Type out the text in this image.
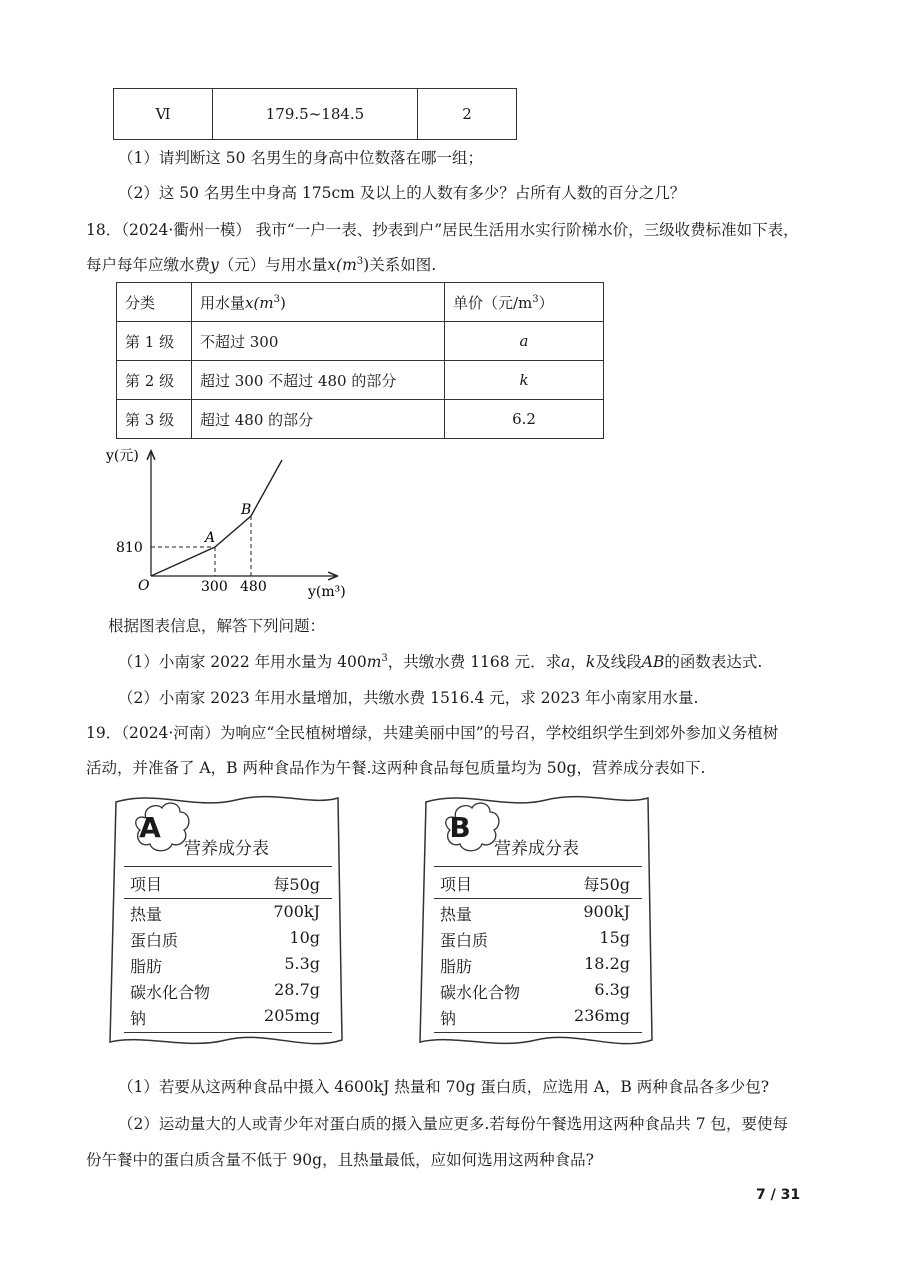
Ⅵ	179.5~184.5	2
（1）请判断这 50 名男生的身高中位数落在哪一组；
（2）这 50 名男生中身高 175cm 及以上的人数有多少？占所有人数的百分之几？
18．（2024·衢州一模） 我市“一户一表、抄表到户”居民生活用水实行阶梯水价，三级收费标准如下表，
每户每年应缴水费y（元）与用水量$x(m^3)$关系如图.
分类	用水量$x(m^3)$	单价（元$/m^3$）
第 1 级	不超过 300	a
第 2 级	超过 300 不超过 480 的部分	k
第 3 级	超过 480 的部分	6.2
y(元)
y(m³)
O
810
300 480
A
B
根据图表信息，解答下列问题：
（1）小南家 2022 年用水量为 $400m^3$，共缴水费 1168 元．求a，k及线段AB的函数表达式.
（2）小南家 2023 年用水量增加，共缴水费 1516.4 元，求 2023 年小南家用水量.
19．（2024·河南）为响应“全民植树增绿，共建美丽中国”的号召，学校组织学生到郊外参加义务植树
活动，并准备了 A，B 两种食品作为午餐.这两种食品每包质量均为 50g，营养成分表如下.
A
营养成分表
项目	每50g
热量	700kJ
蛋白质	10g
脂肪	5.3g
碳水化合物	28.7g
钠	205mg
B
营养成分表
项目	每50g
热量	900kJ
蛋白质	15g
脂肪	18.2g
碳水化合物	6.3g
钠	236mg
（1）若要从这两种食品中摄入 4600kJ 热量和 70g 蛋白质，应选用 A，B 两种食品各多少包?
（2）运动量大的人或青少年对蛋白质的摄入量应更多.若每份午餐选用这两种食品共 7 包，要使每
份午餐中的蛋白质含量不低于 90g，且热量最低，应如何选用这两种食品?
7 / 31
